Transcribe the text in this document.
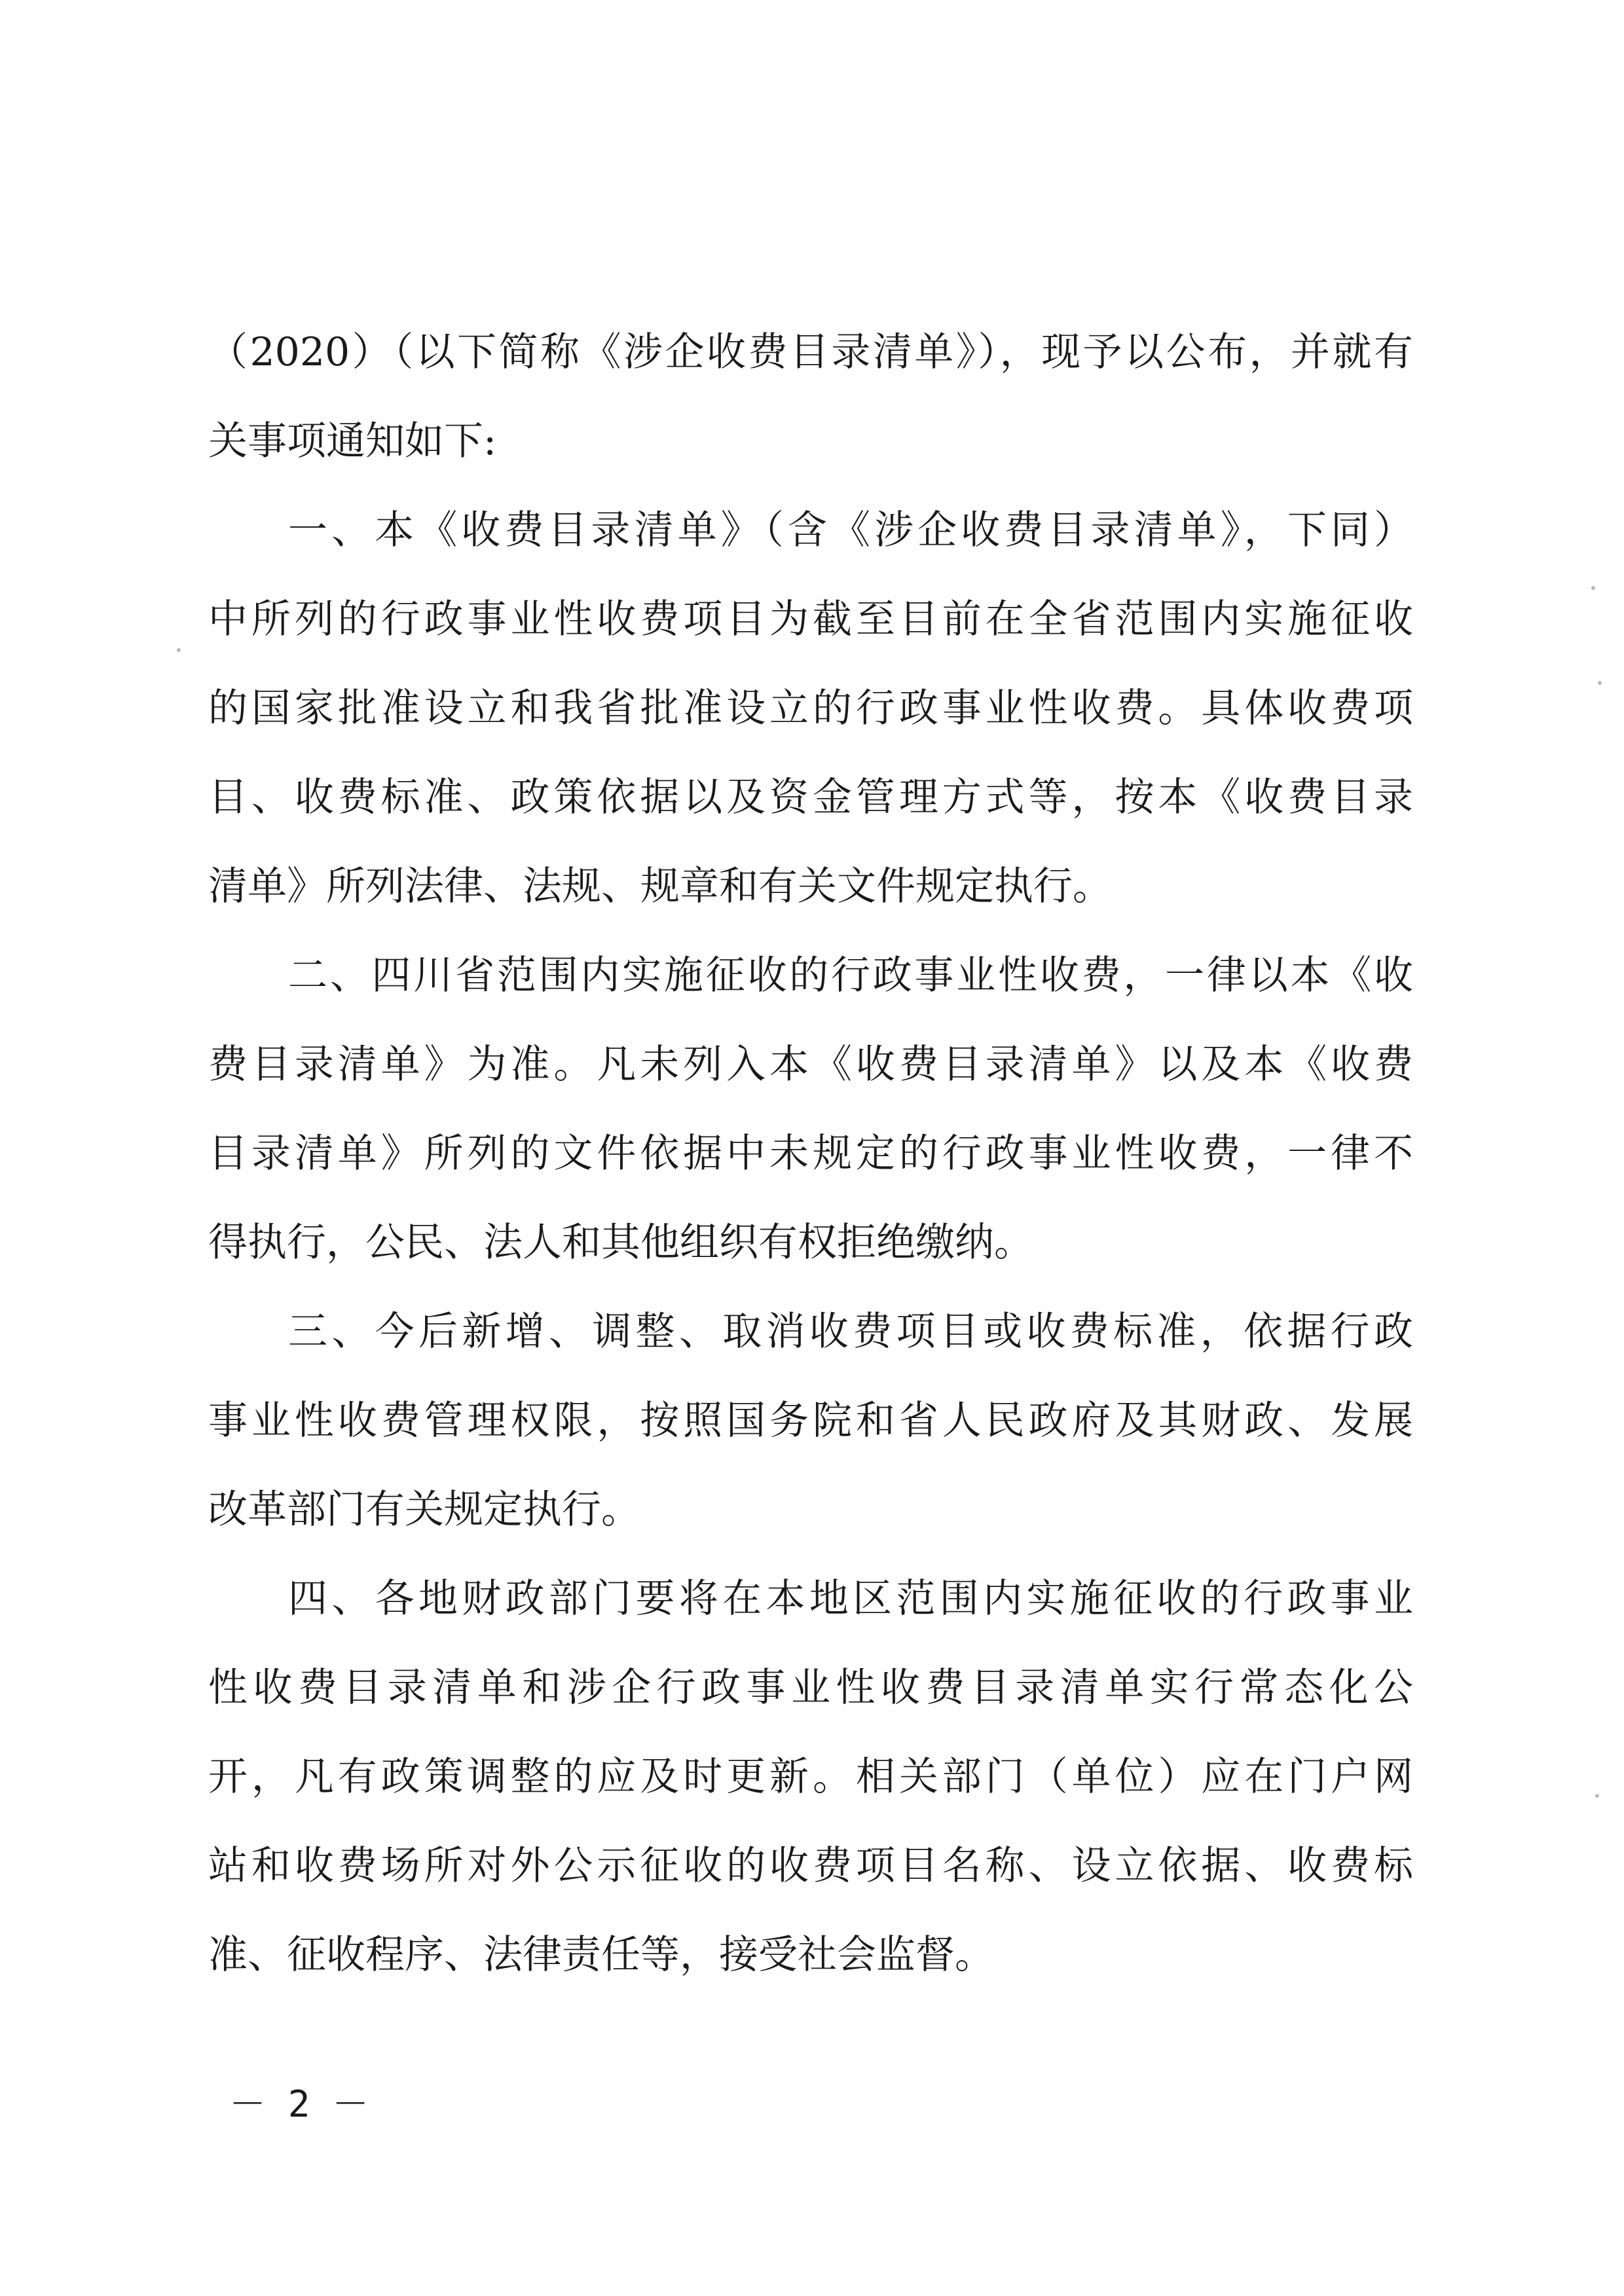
（2020）（以下简称《涉企收费目录清单》），现予以公布，并就有
关事项通知如下:
一、本《收费目录清单》（含《涉企收费目录清单》，下同）
中所列的行政事业性收费项目为截至目前在全省范围内实施征收
的国家批准设立和我省批准设立的行政事业性收费。具体收费项
目、收费标准、政策依据以及资金管理方式等，按本《收费目录
清单》所列法律、法规、规章和有关文件规定执行。
二、四川省范围内实施征收的行政事业性收费，一律以本《收
费目录清单》为准。凡未列入本《收费目录清单》以及本《收费
目录清单》所列的文件依据中未规定的行政事业性收费，一律不
得执行，公民、法人和其他组织有权拒绝缴纳。
三、今后新增、调整、取消收费项目或收费标准，依据行政
事业性收费管理权限，按照国务院和省人民政府及其财政、发展
改革部门有关规定执行。
四、各地财政部门要将在本地区范围内实施征收的行政事业
性收费目录清单和涉企行政事业性收费目录清单实行常态化公
开，凡有政策调整的应及时更新。相关部门（单位）应在门户网
站和收费场所对外公示征收的收费项目名称、设立依据、收费标
准、征收程序、法律责任等，接受社会监督。
－ 2 －
